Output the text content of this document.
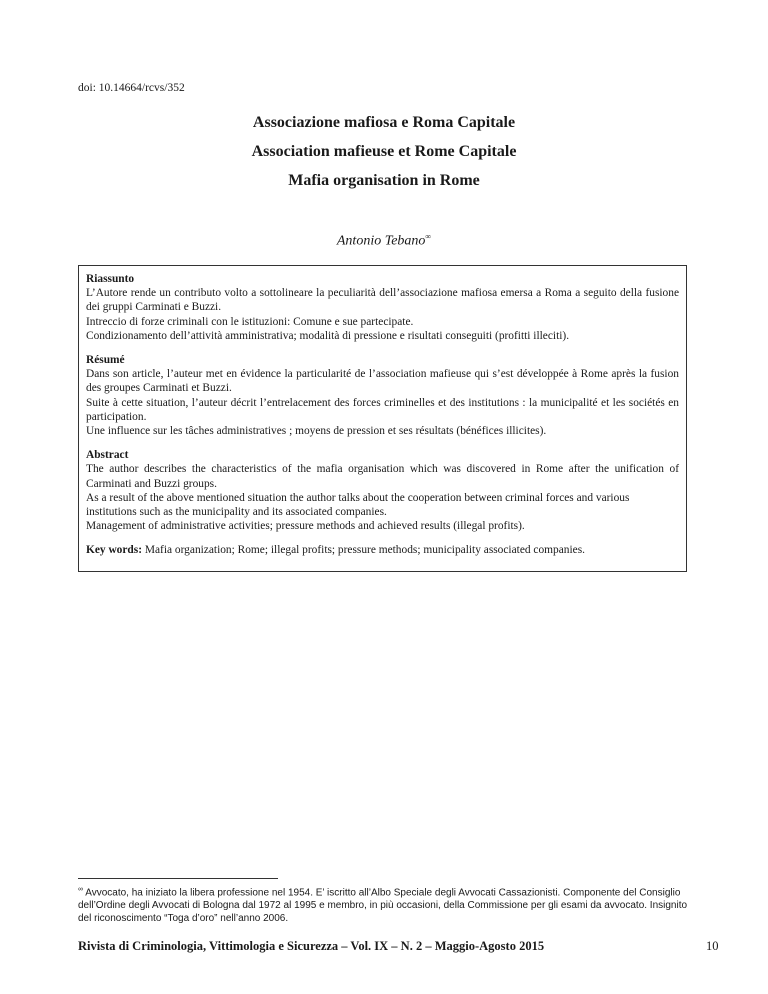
doi: 10.14664/rcvs/352
Associazione mafiosa e Roma Capitale
Association mafieuse et Rome Capitale
Mafia organisation in Rome
Antonio Tebano∞
Riassunto
L’Autore rende un contributo volto a sottolineare la peculiarità dell’associazione mafiosa emersa a Roma a seguito della fusione dei gruppi Carminati e Buzzi.
Intreccio di forze criminali con le istituzioni: Comune e sue partecipate.
Condizionamento dell’attività amministrativa; modalità di pressione e risultati conseguiti (profitti illeciti).
Résumé
Dans son article, l’auteur met en évidence la particularité de l’association mafieuse qui s’est développée à Rome après la fusion des groupes Carminati et Buzzi.
Suite à cette situation, l’auteur décrit l’entrelacement des forces criminelles et des institutions : la municipalité et les sociétés en participation.
Une influence sur les tâches administratives ; moyens de pression et ses résultats (bénéfices illicites).
Abstract
The author describes the characteristics of the mafia organisation which was discovered in Rome after the unification of Carminati and Buzzi groups.
As a result of the above mentioned situation the author talks about the cooperation between criminal forces and various institutions such as the municipality and its associated companies.
Management of administrative activities; pressure methods and achieved results (illegal profits).
Key words: Mafia organization; Rome; illegal profits; pressure methods; municipality associated companies.
∞ Avvocato, ha iniziato la libera professione nel 1954. E’ iscritto all’Albo Speciale degli Avvocati Cassazionisti. Componente del Consiglio dell’Ordine degli Avvocati di Bologna dal 1972 al 1995 e membro, in più occasioni, della Commissione per gli esami da avvocato. Insignito del riconoscimento “Toga d’oro” nell’anno 2006.
Rivista di Criminologia, Vittimologia e Sicurezza – Vol. IX – N. 2 – Maggio-Agosto 2015	10
